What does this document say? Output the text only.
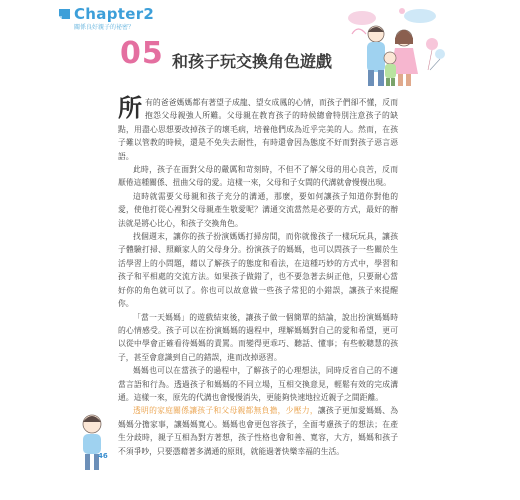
Chapter2
關係良好親子的祕密？
05 和孩子玩交換角色遊戲

所 有的爸爸媽媽都有著望子成龍、望女成鳳的心情，而孩子們卻不懂，反而抱怨父母親強人所難。父母親在教育孩子的時候總會特別注意孩子的缺點，用盡心思想要改掉孩子的壞毛病，培養他們成為近乎完美的人。然而，在孩子難以管教的時候，還是不免失去耐性，有時還會因為態度不好而對孩子惡言惡語。

此時，孩子在面對父母的嚴厲和苛刻時，不但不了解父母的用心良苦，反而厭倦這種關係、扭曲父母的愛。這樣一來，父母和子女間的代溝就會慢慢出現。

這時就需要父母親和孩子充分的溝通，那麼，要如何讓孩子知道你對他的愛，使他打從心裡對父母親產生敬愛呢？溝通交流當然是必要的方式，最好的辦法就是將心比心，和孩子交換角色。

找個週末，讓你的孩子扮演媽媽打掃房間，而你就像孩子一樣玩玩具，讓孩子體驗打掃、照顧家人的父母身分。扮演孩子的媽媽，也可以問孩子一些關於生活學習上的小問題，藉以了解孩子的態度和看法，在這種巧妙的方式中，學習和孩子和平相處的交流方法。如果孩子做錯了，也不要急著去糾正他，只要耐心當好你的角色就可以了。你也可以故意做一些孩子常犯的小錯誤，讓孩子來提醒你。

「當一天媽媽」的遊戲結束後，讓孩子做一個簡單的結論，說出扮演媽媽時的心情感受。孩子可以在扮演媽媽的過程中，理解媽媽對自己的愛和希望，更可以從中學會正確看待媽媽的責罵。而變得更乖巧、聽話、懂事；有些較聰慧的孩子，甚至會意識到自己的錯誤，進而改掉惡習。

媽媽也可以在當孩子的過程中，了解孩子的心理想法，同時反省自己的不適當言語和行為。透過孩子和媽媽的不同立場，互相交換意見，輕鬆有效的完成溝通。這樣一來，原先的代溝也會慢慢消失，更能夠快速地拉近親子之間距離。

透明的家庭關係讓孩子和父母親都無負擔，少壓力，讓孩子更加愛媽媽、為媽媽分擔家事，讓媽媽寬心。媽媽也會更包容孩子，全面考慮孩子的想法；在產生分歧時，親子互相為對方著想，孩子性格也會和善、寬容，大方，媽媽和孩子不須爭吵，只要憑藉著多溝通的原則，就能過著快樂幸福的生活。

46
